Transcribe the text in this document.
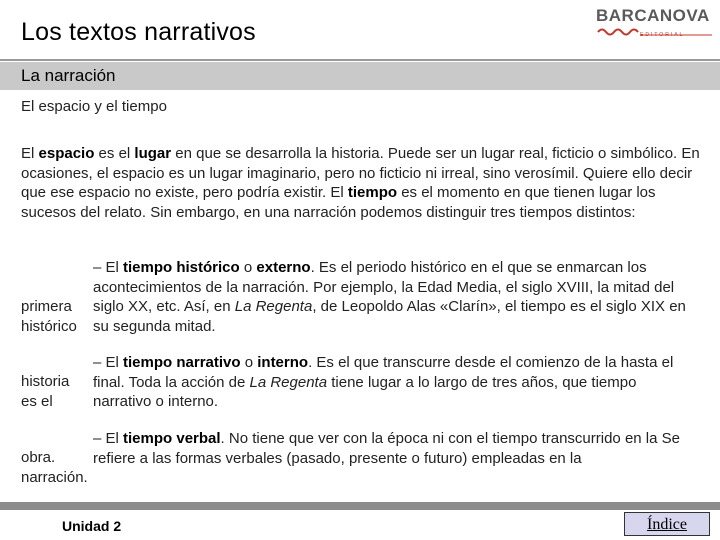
Los textos narrativos
BARCANOVA
EDITORIAL
La narración
El espacio y el tiempo
El espacio es el lugar en que se desarrolla la historia. Puede ser un lugar real, ficticio o simbólico. En ocasiones, el espacio es un lugar imaginario, pero no ficticio ni irreal, sino verosímil. Quiere ello decir que ese espacio no existe, pero podría existir. El tiempo es el momento en que tienen lugar los sucesos del relato. Sin embargo, en una narración podemos distinguir tres tiempos distintos:
primera
histórico
– El tiempo histórico o externo. Es el periodo histórico en el que se enmarcan los acontecimientos de la narración. Por ejemplo, la Edad Media, el siglo XVIII, la mitad del siglo XX, etc. Así, en La Regenta, de Leopoldo Alas «Clarín», el tiempo es el siglo XIX en su segunda mitad.
historia
es el
– El tiempo narrativo o interno. Es el que transcurre desde el comienzo de la hasta el final. Toda la acción de La Regenta tiene lugar a lo largo de tres años, que tiempo narrativo o interno.
obra.
narración.
– El tiempo verbal. No tiene que ver con la época ni con el tiempo transcurrido en la Se refiere a las formas verbales (pasado, presente o futuro) empleadas en la
Unidad 2	Índice
